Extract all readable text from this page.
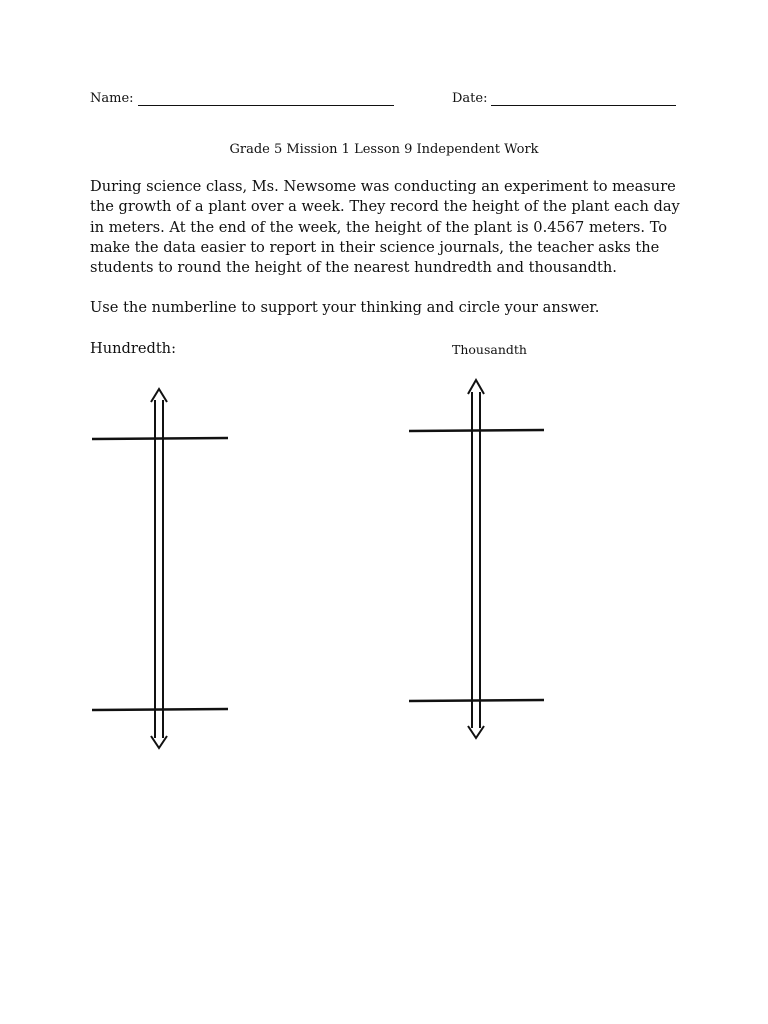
Name:	Date:
Grade 5 Mission 1 Lesson 9 Independent Work

During science class, Ms. Newsome was conducting an experiment to measure the growth of a plant over a week. They record the height of the plant each day in meters. At the end of the week, the height of the plant is 0.4567 meters. To make the data easier to report in their science journals, the teacher asks the students to round the height of the nearest hundredth and thousandth.

Use the numberline to support your thinking and circle your answer.

Hundredth:	Thousandth
